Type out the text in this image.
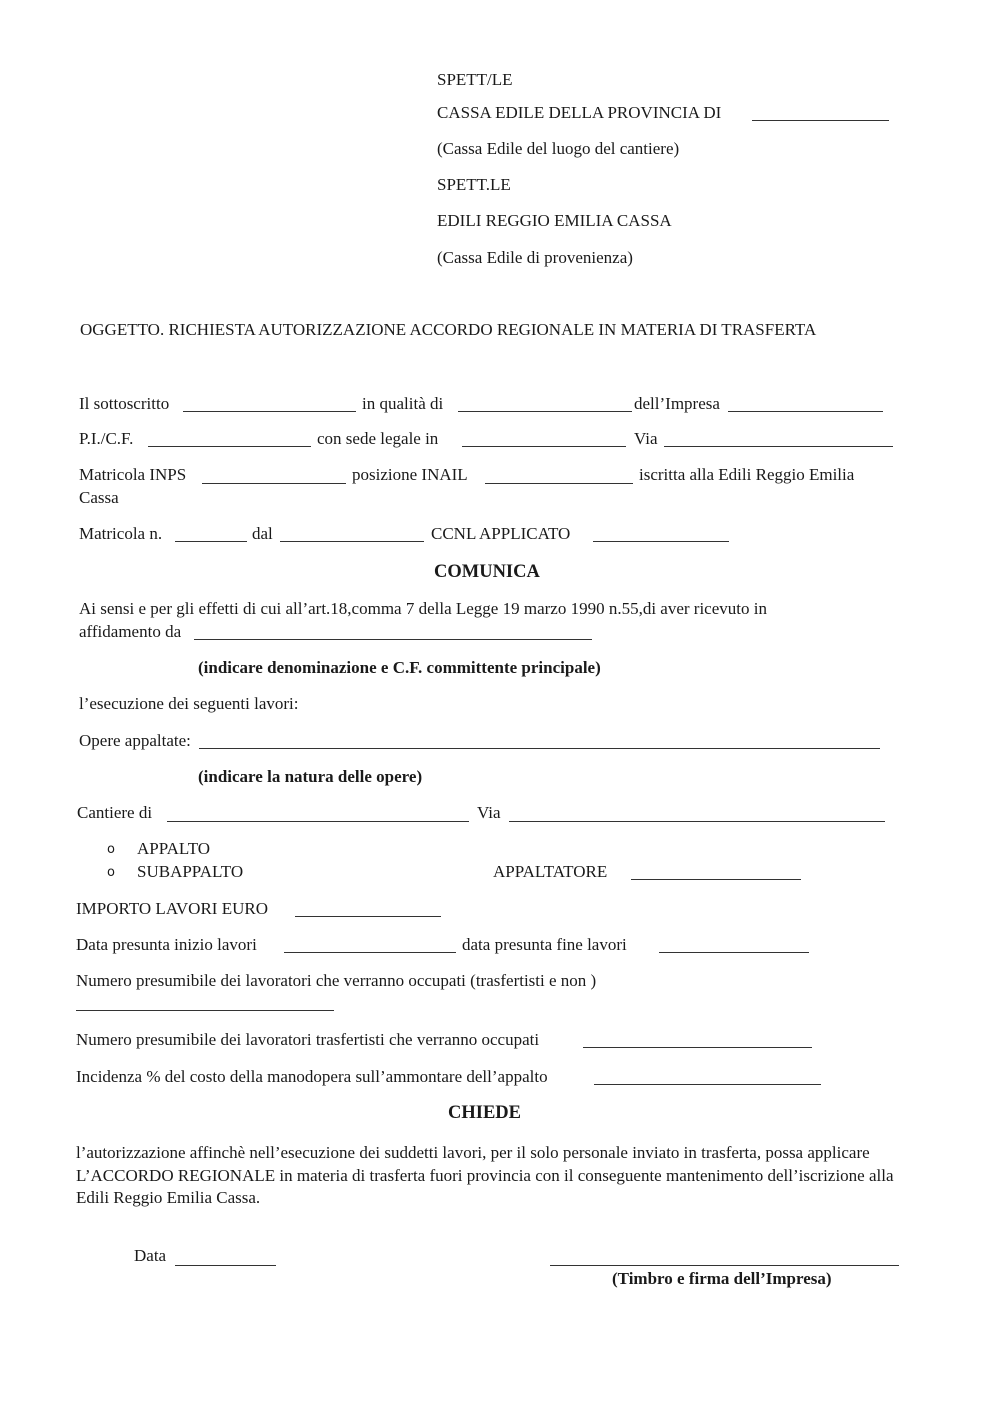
SPETT/LE
CASSA EDILE DELLA PROVINCIA DI
(Cassa Edile del luogo del cantiere)
SPETT.LE
EDILI REGGIO EMILIA CASSA
(Cassa Edile di provenienza)
OGGETTO. RICHIESTA AUTORIZZAZIONE ACCORDO REGIONALE IN MATERIA DI TRASFERTA
Il sottoscritto	in qualità di	dell’Impresa
P.I./C.F.	con sede legale in	Via
Matricola INPS	posizione INAIL	iscritta alla Edili Reggio Emilia
Cassa
Matricola n.	dal	CCNL APPLICATO
COMUNICA
Ai sensi e per gli effetti di cui all’art.18,comma 7 della Legge 19 marzo 1990 n.55,di aver ricevuto in
affidamento da
(indicare denominazione e C.F. committente principale)
l’esecuzione dei seguenti lavori:
Opere appaltate:
(indicare la natura delle opere)
Cantiere di	Via
o APPALTO
o SUBAPPALTO	APPALTATORE
IMPORTO LAVORI EURO
Data presunta inizio lavori	data presunta fine lavori
Numero presumibile dei lavoratori che verranno occupati (trasfertisti e non )
Numero presumibile dei lavoratori trasfertisti che verranno occupati
Incidenza % del costo della manodopera sull’ammontare dell’appalto
CHIEDE
l’autorizzazione affinchè nell’esecuzione dei suddetti lavori, per il solo personale inviato in trasferta, possa applicare L’ACCORDO REGIONALE in materia di trasferta fuori provincia con il conseguente mantenimento dell’iscrizione alla Edili Reggio Emilia Cassa.
Data
(Timbro e firma dell’Impresa)
